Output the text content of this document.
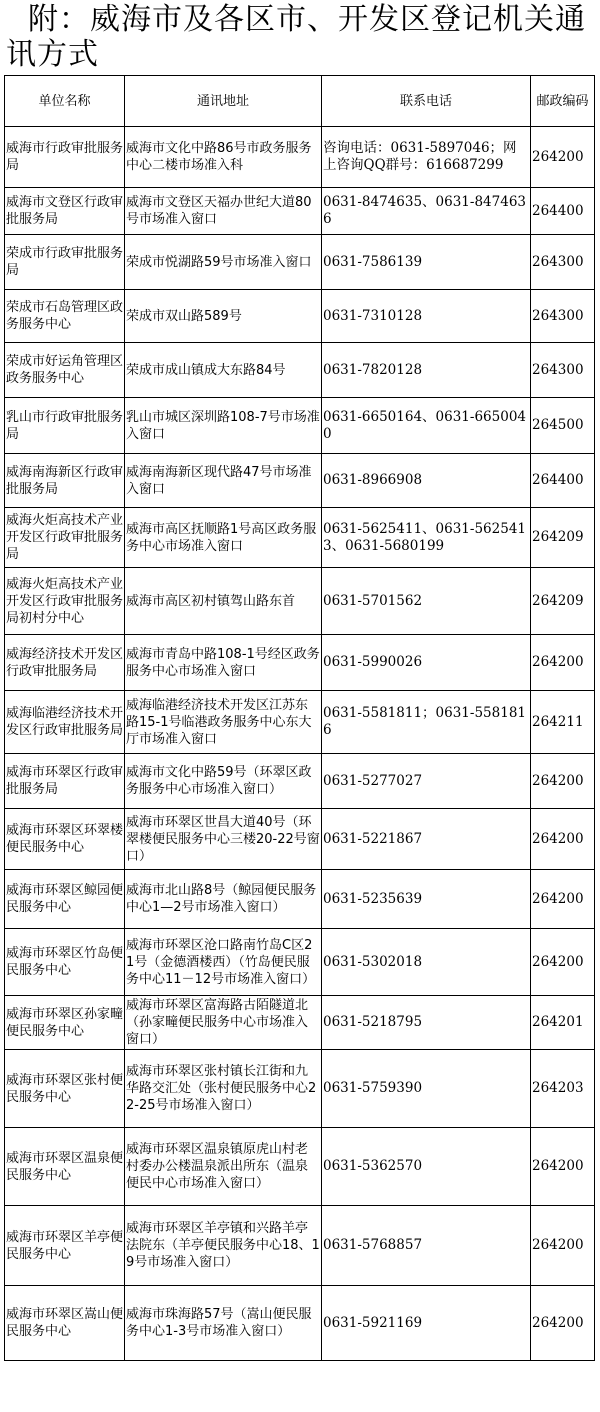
附：威海市及各区市、开发区登记机关通讯方式
单位名称	通讯地址	联系电话	邮政编码
威海市行政审批服务局	威海市文化中路86号市政务服务中心二楼市场准入科	咨询电话：0631-5897046；网上咨询QQ群号：616687299	264200
威海市文登区行政审批服务局	威海市文登区天福办世纪大道80号市场准入窗口	0631-8474635、0631-8474636	264400
荣成市行政审批服务局	荣成市悦湖路59号市场准入窗口	0631-7586139	264300
荣成市石岛管理区政务服务中心	荣成市双山路589号	0631-7310128	264300
荣成市好运角管理区政务服务中心	荣成市成山镇成大东路84号	0631-7820128	264300
乳山市行政审批服务局	乳山市城区深圳路108-7号市场准入窗口	0631-6650164、0631-6650040	264500
威海南海新区行政审批服务局	威海南海新区现代路47号市场准入窗口	0631-8966908	264400
威海火炬高技术产业开发区行政审批服务局	威海市高区抚顺路1号高区政务服务中心市场准入窗口	0631-5625411、0631-5625413、0631-5680199	264209
威海火炬高技术产业开发区行政审批服务局初村分中心	威海市高区初村镇驾山路东首	0631-5701562	264209
威海经济技术开发区行政审批服务局	威海市青岛中路108-1号经区政务服务中心市场准入窗口	0631-5990026	264200
威海临港经济技术开发区行政审批服务局	威海临港经济技术开发区江苏东路15-1号临港政务服务中心东大厅市场准入窗口	0631-5581811；0631-5581816	264211
威海市环翠区行政审批服务局	威海市文化中路59号（环翠区政务服务中心市场准入窗口）	0631-5277027	264200
威海市环翠区环翠楼便民服务中心	威海市环翠区世昌大道40号（环翠楼便民服务中心三楼20-22号窗口）	0631-5221867	264200
威海市环翠区鲸园便民服务中心	威海市北山路8号（鲸园便民服务中心1—2号市场准入窗口）	0631-5235639	264200
威海市环翠区竹岛便民服务中心	威海市环翠区沧口路南竹岛C区21号（金德酒楼西）（竹岛便民服务中心11－12号市场准入窗口）	0631-5302018	264200
威海市环翠区孙家疃便民服务中心	威海市环翠区富海路古陌隧道北（孙家疃便民服务中心市场准入窗口）	0631-5218795	264201
威海市环翠区张村便民服务中心	威海市环翠区张村镇长江街和九华路交汇处（张村便民服务中心22-25号市场准入窗口）	0631-5759390	264203
威海市环翠区温泉便民服务中心	威海市环翠区温泉镇原虎山村老村委办公楼温泉派出所东（温泉便民中心市场准入窗口）	0631-5362570	264200
威海市环翠区羊亭便民服务中心	威海市环翠区羊亭镇和兴路羊亭法院东（羊亭便民服务中心18、19号市场准入窗口）	0631-5768857	264200
威海市环翠区嵩山便民服务中心	威海市珠海路57号（嵩山便民服务中心1-3号市场准入窗口）	0631-5921169	264200
